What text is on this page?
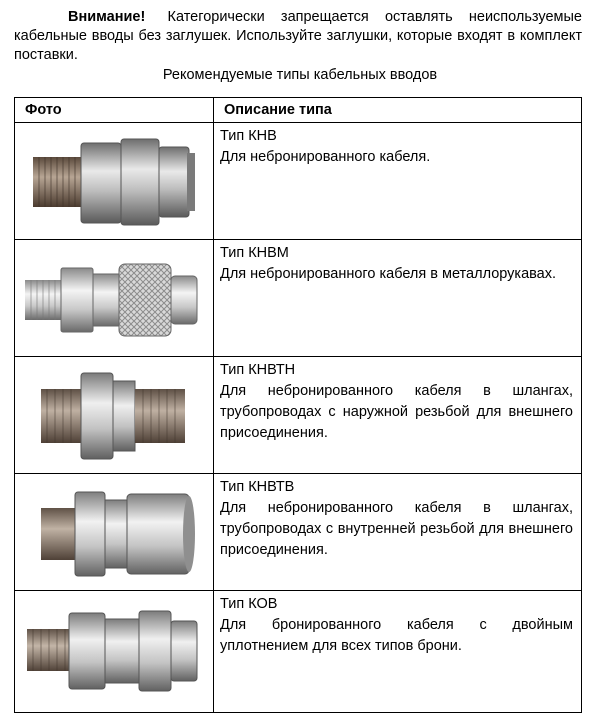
Внимание! Категорически запрещается оставлять неиспользуемые кабельные вводы без заглушек. Используйте заглушки, которые входят в комплект поставки.
Рекомендуемые типы кабельных вводов
Фото	Описание типа

Тип КНВ
Для небронированного кабеля.

Тип КНВМ
Для небронированного кабеля в металлорукавах.

Тип КНВТН
Для небронированного кабеля в шлангах, трубопроводах с наружной резьбой для внешнего присоединения.

Тип КНВТВ
Для небронированного кабеля в шлангах, трубопроводах с внутренней резьбой для внешнего присоединения.

Тип КОВ
Для бронированного кабеля с двойным уплотнением для всех типов брони.
